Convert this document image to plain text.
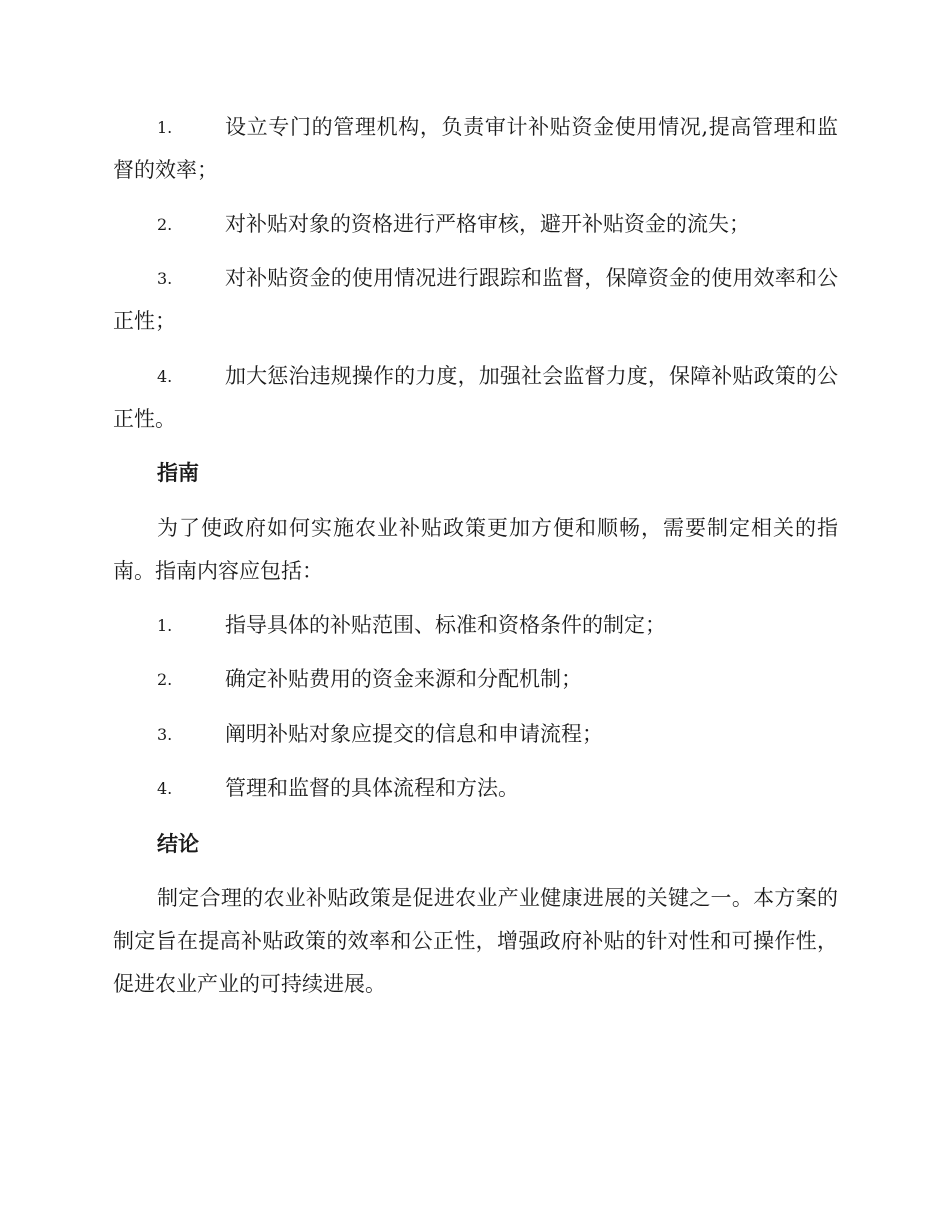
1.	设立专门的管理机构，负责审计补贴资金使用情况,提高管理和监督的效率；
2.	对补贴对象的资格进行严格审核，避开补贴资金的流失；
3.	对补贴资金的使用情况进行跟踪和监督，保障资金的使用效率和公正性；
4.	加大惩治违规操作的力度，加强社会监督力度，保障补贴政策的公正性。
指南
为了使政府如何实施农业补贴政策更加方便和顺畅，需要制定相关的指南。指南内容应包括：
1.	指导具体的补贴范围、标准和资格条件的制定；
2.	确定补贴费用的资金来源和分配机制；
3.	阐明补贴对象应提交的信息和申请流程；
4.	管理和监督的具体流程和方法。
结论
制定合理的农业补贴政策是促进农业产业健康进展的关键之一。本方案的制定旨在提高补贴政策的效率和公正性，增强政府补贴的针对性和可操作性，促进农业产业的可持续进展。
